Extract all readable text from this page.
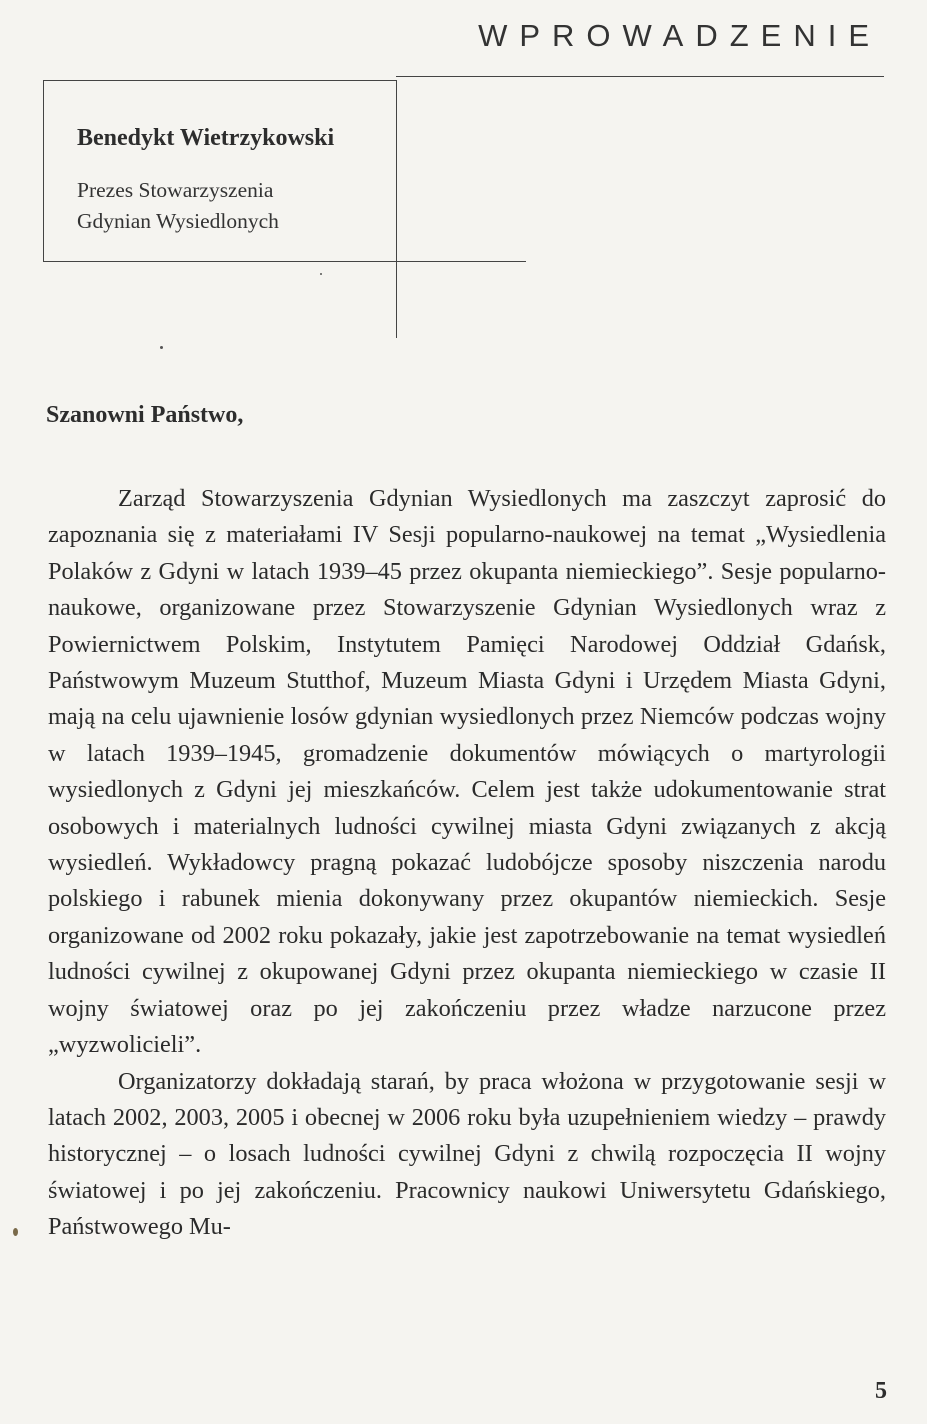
WPROWADZENIE
Benedykt Wietrzykowski
Prezes Stowarzyszenia
Gdynian Wysiedlonych
Szanowni Państwo,

Zarząd Stowarzyszenia Gdynian Wysiedlonych ma zaszczyt zaprosić do zapoznania się z materiałami IV Sesji popularno-naukowej na temat „Wysiedlenia Polaków z Gdyni w latach 1939–45 przez okupanta niemieckiego”. Sesje popularno-naukowe, organizowane przez Stowarzyszenie Gdynian Wysiedlonych wraz z Powiernictwem Polskim, Instytutem Pamięci Narodowej Oddział Gdańsk, Państwowym Muzeum Stutthof, Muzeum Miasta Gdyni i Urzędem Miasta Gdyni, mają na celu ujawnienie losów gdynian wysiedlonych przez Niemców podczas wojny w latach 1939–1945, gromadzenie dokumentów mówiących o martyrologii wysiedlonych z Gdyni jej mieszkańców. Celem jest także udokumentowanie strat osobowych i materialnych ludności cywilnej miasta Gdyni związanych z akcją wysiedleń. Wykładowcy pragną pokazać ludobójcze sposoby niszczenia narodu polskiego i rabunek mienia dokonywany przez okupantów niemieckich. Sesje organizowane od 2002 roku pokazały, jakie jest zapotrzebowanie na temat wysiedleń ludności cywilnej z okupowanej Gdyni przez okupanta niemieckiego w czasie II wojny światowej oraz po jej zakończeniu przez władze narzucone przez „wyzwolicieli”.

Organizatorzy dokładają starań, by praca włożona w przygotowanie sesji w latach 2002, 2003, 2005 i obecnej w 2006 roku była uzupełnieniem wiedzy – prawdy historycznej – o losach ludności cywilnej Gdyni z chwilą rozpoczęcia II wojny światowej i po jej zakończeniu. Pracownicy naukowi Uniwersytetu Gdańskiego, Państwowego Mu-

5
